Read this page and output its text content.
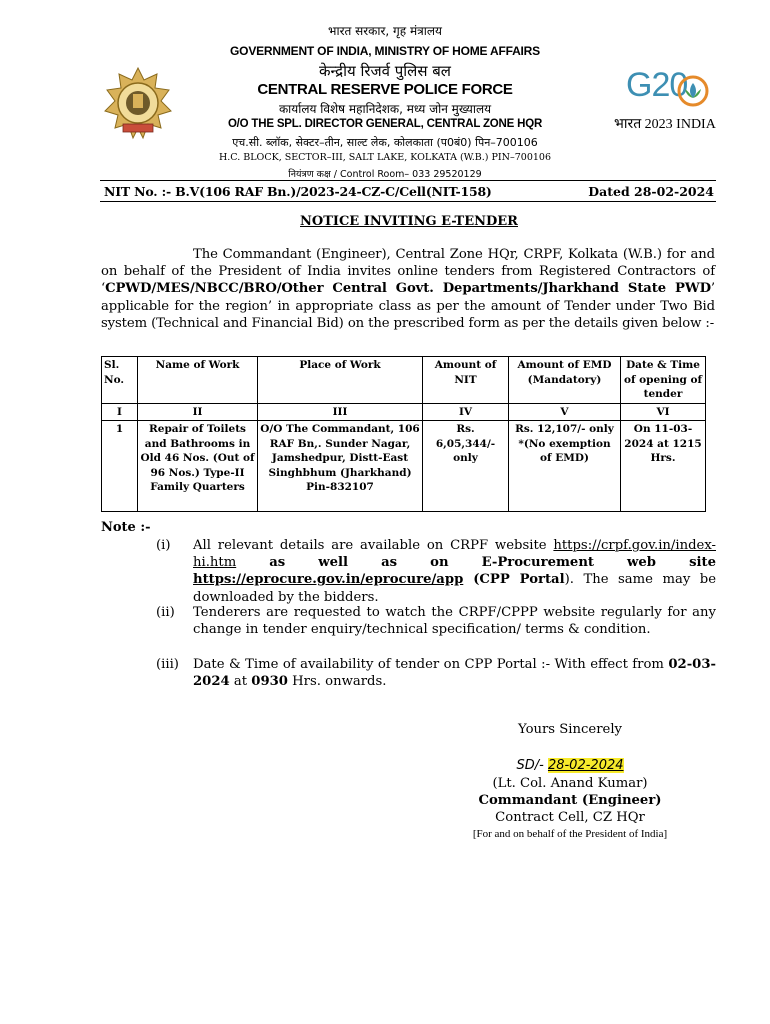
भारत सरकार, गृह मंत्रालय
GOVERNMENT OF INDIA, MINISTRY OF HOME AFFAIRS
केन्द्रीय रिजर्व पुलिस बल
CENTRAL RESERVE POLICE FORCE
कार्यालय विशेष महानिदेशक, मध्य जोन मुख्यालय
O/O THE SPL. DIRECTOR GENERAL, CENTRAL ZONE HQR
एच.सी. ब्लॉक, सेक्टर–तीन, साल्ट लेक, कोलकाता (प0बं0) पिन–700106
H.C. BLOCK, SECTOR–III, SALT LAKE, KOLKATA (W.B.) PIN–700106
नियंत्रण कक्ष / Control Room– 033 29520129
G20
भारत 2023 INDIA
NIT No. :- B.V(106 RAF Bn.)/2023-24-CZ-C/Cell(NIT-158)	Dated 28-02-2024
NOTICE INVITING E-TENDER
The Commandant (Engineer), Central Zone HQr, CRPF, Kolkata (W.B.) for and on behalf of the President of India invites online tenders from Registered Contractors of ‘CPWD/MES/NBCC/BRO/Other Central Govt. Departments/Jharkhand State PWD’ applicable for the region’ in appropriate class as per the amount of Tender under Two Bid system (Technical and Financial Bid) on the prescribed form as per the details given below :-
Sl. No.	Name of Work	Place of Work	Amount of NIT	Amount of EMD (Mandatory)	Date & Time of opening of tender
I	II	III	IV	V	VI
1	Repair of Toilets and Bathrooms in Old 46 Nos. (Out of 96 Nos.) Type-II Family Quarters	O/O The Commandant, 106 RAF Bn,. Sunder Nagar, Jamshedpur, Distt-East Singhbhum (Jharkhand) Pin-832107	Rs. 6,05,344/- only	Rs. 12,107/- only *(No exemption of EMD)	On 11-03-2024 at 1215 Hrs.
Note :-
(i)	All relevant details are available on CRPF website https://crpf.gov.in/index-hi.htm as well as on E-Procurement web site https://eprocure.gov.in/eprocure/app (CPP Portal). The same may be downloaded by the bidders.
(ii)	Tenderers are requested to watch the CRPF/CPPP website regularly for any change in tender enquiry/technical specification/ terms & condition.
(iii)	Date & Time of availability of tender on CPP Portal :- With effect from 02-03-2024 at 0930 Hrs. onwards.
Yours Sincerely
SD/- 28-02-2024
(Lt. Col. Anand Kumar)
Commandant (Engineer)
Contract Cell, CZ HQr
[For and on behalf of the President of India]
